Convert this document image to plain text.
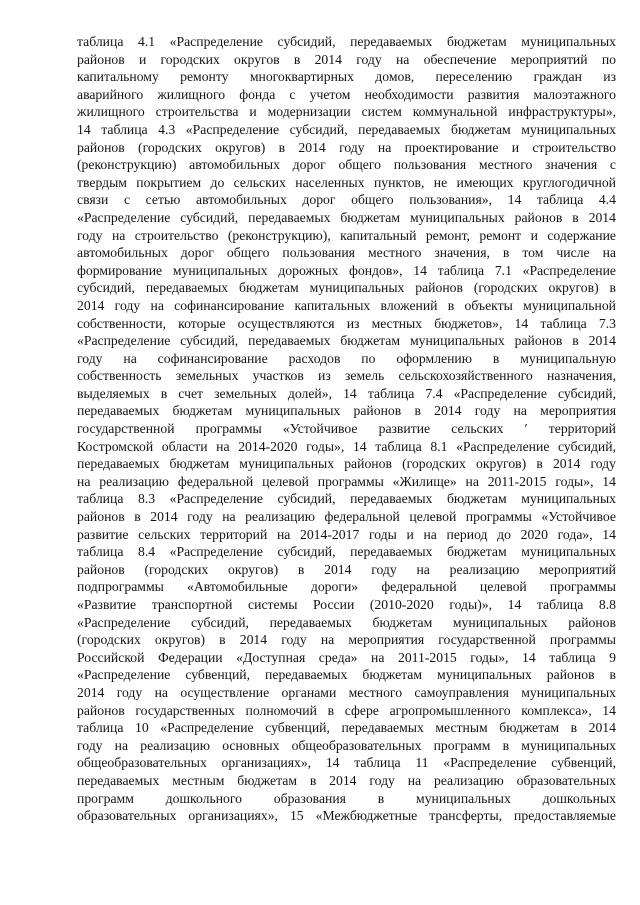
таблица 4.1 «Распределение субсидий, передаваемых бюджетам муниципальных
районов и городских округов в 2014 году на обеспечение мероприятий по
капитальному ремонту многоквартирных домов, переселению граждан из
аварийного жилищного фонда с учетом необходимости развития малоэтажного
жилищного строительства и модернизации систем коммунальной инфраструктуры»,
14 таблица 4.3 «Распределение субсидий, передаваемых бюджетам муниципальных
районов (городских округов) в 2014 году на проектирование и строительство
(реконструкцию) автомобильных дорог общего пользования местного значения с
твердым покрытием до сельских населенных пунктов, не имеющих круглогодичной
связи с сетью автомобильных дорог общего пользования», 14 таблица 4.4
«Распределение субсидий, передаваемых бюджетам муниципальных районов в 2014
году на строительство (реконструкцию), капитальный ремонт, ремонт и содержание
автомобильных дорог общего пользования местного значения, в том числе на
формирование муниципальных дорожных фондов», 14 таблица 7.1 «Распределение
субсидий, передаваемых бюджетам муниципальных районов (городских округов) в
2014 году на софинансирование капитальных вложений в объекты муниципальной
собственности, которые осуществляются из местных бюджетов», 14 таблица 7.3
«Распределение субсидий, передаваемых бюджетам муниципальных районов в 2014
году на софинансирование расходов по оформлению в муниципальную
собственность земельных участков из земель сельскохозяйственного назначения,
выделяемых в счет земельных долей», 14 таблица 7.4 «Распределение субсидий,
передаваемых бюджетам муниципальных районов в 2014 году на мероприятия
государственной программы «Устойчивое развитие сельских ′ территорий
Костромской области на 2014-2020 годы», 14 таблица 8.1 «Распределение субсидий,
передаваемых бюджетам муниципальных районов (городских округов) в 2014 году
на реализацию федеральной целевой программы «Жилище» на 2011-2015 годы», 14
таблица 8.3 «Распределение субсидий, передаваемых бюджетам муниципальных
районов в 2014 году на реализацию федеральной целевой программы «Устойчивое
развитие сельских территорий на 2014-2017 годы и на период до 2020 года», 14
таблица 8.4 «Распределение субсидий, передаваемых бюджетам муниципальных
районов (городских округов) в 2014 году на реализацию мероприятий
подпрограммы «Автомобильные дороги» федеральной целевой программы
«Развитие транспортной системы России (2010-2020 годы)», 14 таблица 8.8
«Распределение субсидий, передаваемых бюджетам муниципальных районов
(городских округов) в 2014 году на мероприятия государственной программы
Российской Федерации «Доступная среда» на 2011-2015 годы», 14 таблица 9
«Распределение субвенций, передаваемых бюджетам муниципальных районов в
2014 году на осуществление органами местного самоуправления муниципальных
районов государственных полномочий в сфере агропромышленного комплекса», 14
таблица 10 «Распределение субвенций, передаваемых местным бюджетам в 2014
году на реализацию основных общеобразовательных программ в муниципальных
общеобразовательных организациях», 14 таблица 11 «Распределение субвенций,
передаваемых местным бюджетам в 2014 году на реализацию образовательных
программ дошкольного образования в муниципальных дошкольных
образовательных организациях», 15 «Межбюджетные трансферты, предоставляемые
